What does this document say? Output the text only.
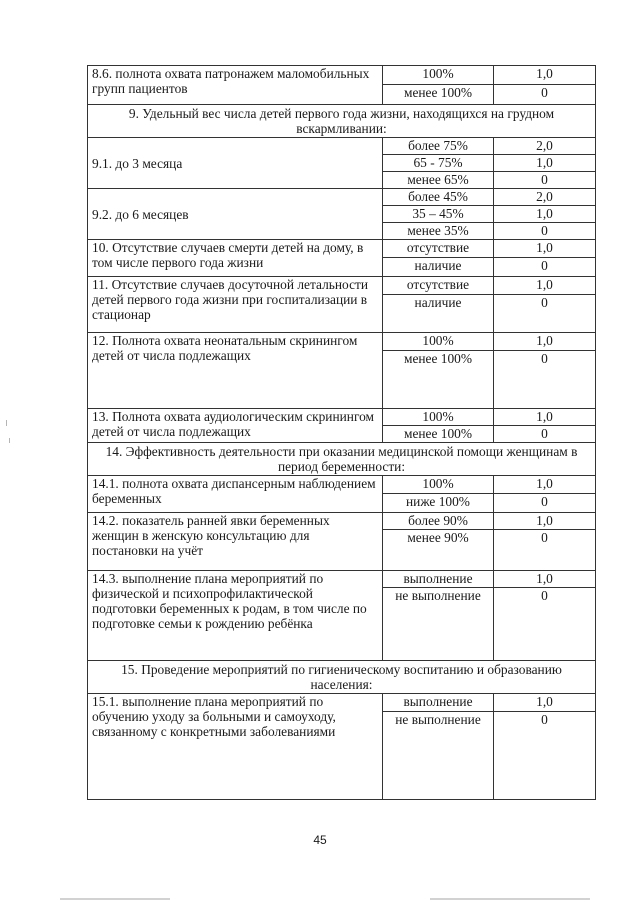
8.6. полнота охвата патронажем маломобильных групп пациентов	100%	1,0
	менее 100%	0
9. Удельный вес числа детей первого года жизни, находящихся на грудном вскармливании:		
9.1. до 3 месяца	более 75%	2,0
	65 - 75%	1,0
	менее 65%	0
9.2. до 6 месяцев	более 45%	2,0
	35 – 45%	1,0
	менее 35%	0
10. Отсутствие случаев смерти детей на дому, в том числе первого года жизни	отсутствие	1,0
	наличие	0
11. Отсутствие случаев досуточной летальности детей первого года жизни при госпитализации в стационар	отсутствие	1,0
	наличие	0
12. Полнота охвата неонатальным скринингом детей от числа подлежащих	100%	1,0
	менее 100%	0
13. Полнота охвата аудиологическим скринингом детей от числа подлежащих	100%	1,0
	менее 100%	0
14. Эффективность деятельности при оказании медицинской помощи женщинам в период беременности:		
14.1. полнота охвата диспансерным наблюдением беременных	100%	1,0
	ниже 100%	0
14.2. показатель ранней явки беременных женщин в женскую консультацию для постановки на учёт	более 90%	1,0
	менее 90%	0
14.3. выполнение плана мероприятий по физической и психопрофилактической подготовки беременных к родам, в том числе по подготовке семьи к рождению ребёнка	выполнение	1,0
	не выполнение	0
15. Проведение мероприятий по гигиеническому воспитанию и образованию населения:		
15.1. выполнение плана мероприятий по обучению уходу за больными и самоуходу, связанному с конкретными заболеваниями	выполнение	1,0
	не выполнение	0
45
